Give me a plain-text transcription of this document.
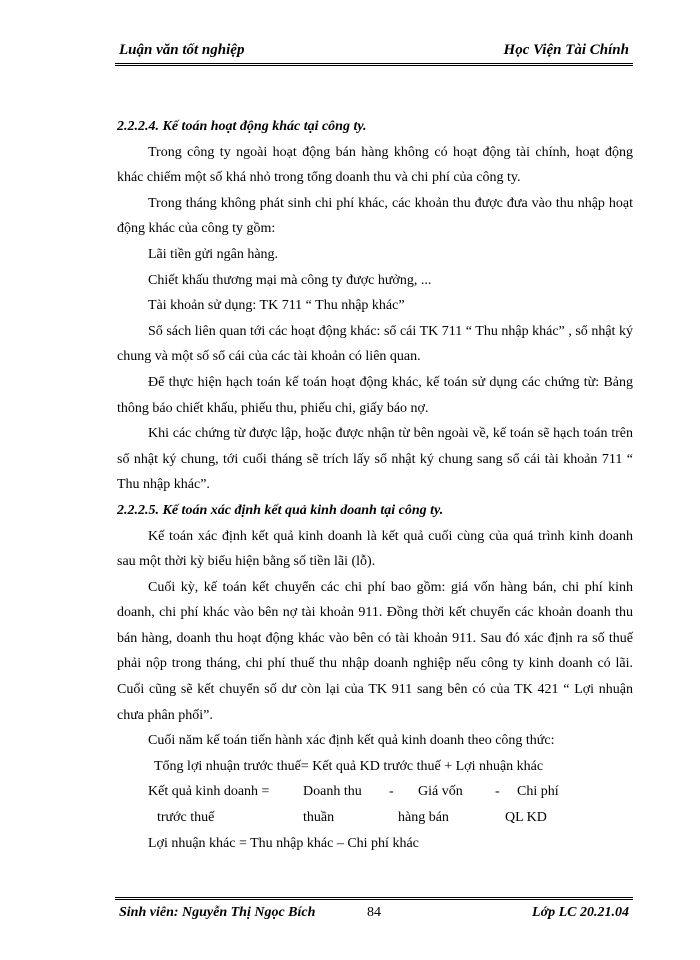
Luận văn tốt nghiệp	Học Viện Tài Chính
2.2.2.4. Kế toán hoạt động khác tại công ty.

Trong công ty ngoài hoạt động bán hàng không có hoạt động tài chính, hoạt động khác chiếm một số khá nhỏ trong tổng doanh thu và chi phí của công ty.

Trong tháng không phát sinh chi phí khác, các khoản thu được đưa vào thu nhập hoạt động khác của công ty gồm:

Lãi tiền gửi ngân hàng.
Chiết khấu thương mại mà công ty được hưởng, ...
Tài khoản sử dụng: TK 711 “ Thu nhập khác”

Sổ sách liên quan tới các hoạt động khác: sổ cái TK 711 “ Thu nhập khác” , sổ nhật ký chung và một số sổ cái của các tài khoản có liên quan.

Để thực hiện hạch toán kế toán hoạt động khác, kế toán sử dụng các chứng từ: Bảng thông báo chiết khấu, phiếu thu, phiếu chi, giấy báo nợ.

Khi các chứng từ được lập, hoặc được nhận từ bên ngoài về, kế toán sẽ hạch toán trên sổ nhật ký chung, tới cuối tháng sẽ trích lấy sổ nhật ký chung sang sổ cái tài khoản 711 “ Thu nhập khác”.

2.2.2.5. Kế toán xác định kết quả kinh doanh tại công ty.

Kế toán xác định kết quả kinh doanh là kết quả cuối cùng của quá trình kinh doanh sau một thời kỳ biểu hiện bằng số tiền lãi (lỗ).

Cuối kỳ, kế toán kết chuyển các chi phí bao gồm: giá vốn hàng bán, chi phí kinh doanh, chi phí khác vào bên nợ tài khoản 911. Đồng thời kết chuyển các khoản doanh thu bán hàng, doanh thu hoạt động khác vào bên có tài khoản 911. Sau đó xác định ra số thuế phải nộp trong tháng, chi phí thuế thu nhập doanh nghiệp nếu công ty kinh doanh có lãi. Cuối cũng sẽ kết chuyển số dư còn lại của TK 911 sang bên có của TK 421 “ Lợi nhuận chưa phân phối”.

Cuối năm kế toán tiến hành xác định kết quả kinh doanh theo công thức:
Tổng lợi nhuận trước thuế= Kết quả KD trước thuế + Lợi nhuận khác
Kết quả kinh doanh = Doanh thu - Giá vốn - Chi phí
trước thuế	thuần	hàng bán	QL KD
Lợi nhuận khác = Thu nhập khác – Chi phí khác
Sinh viên: Nguyễn Thị Ngọc Bích	84	Lớp LC 20.21.04
